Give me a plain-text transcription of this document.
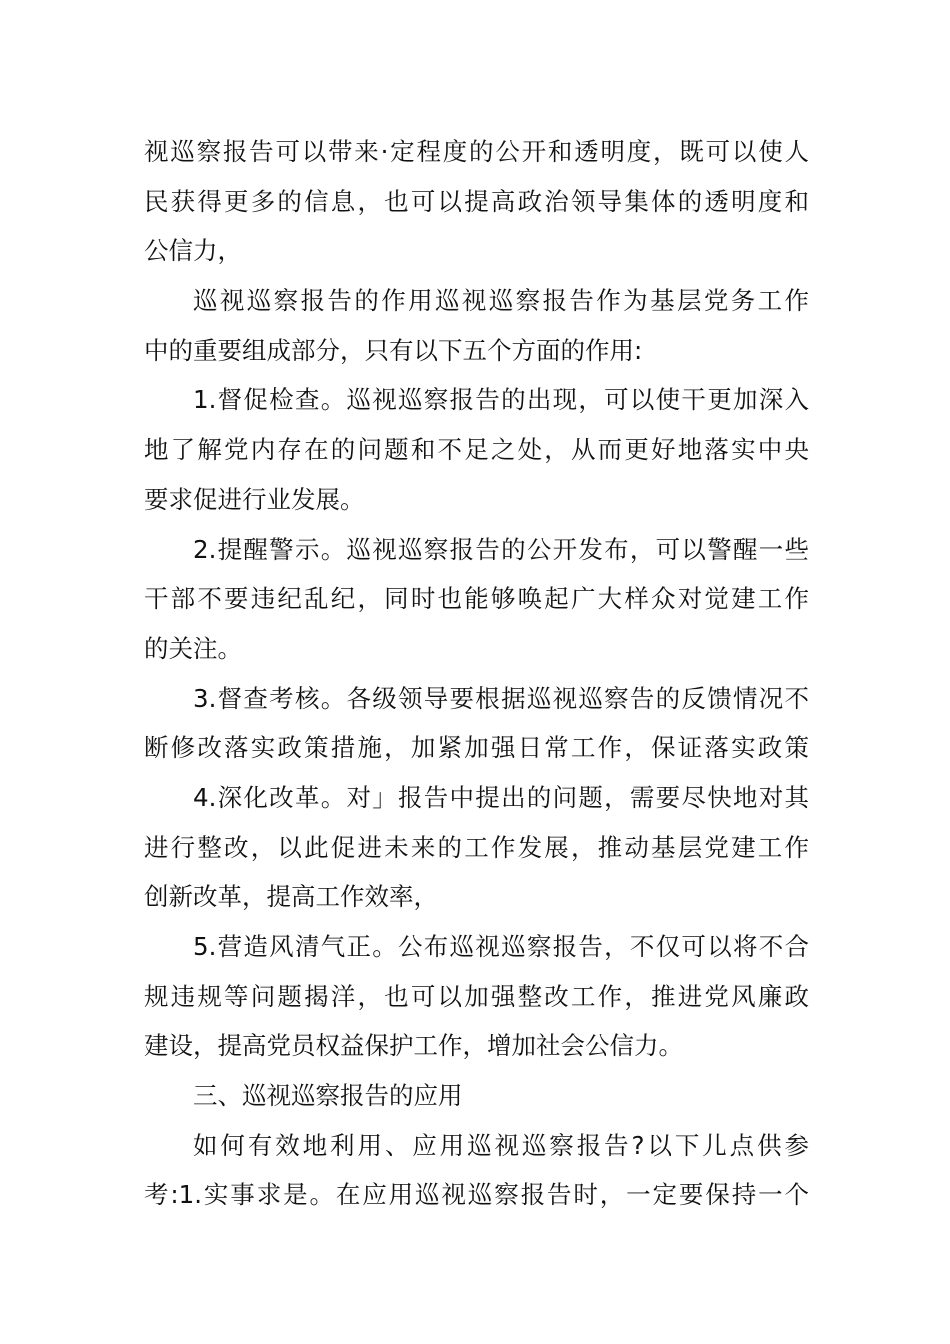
视巡察报告可以带来·定程度的公开和透明度，既可以使人
民获得更多的信息，也可以提高政治领导集体的透明度和
公信力，
巡视巡察报告的作用巡视巡察报告作为基层党务工作
中的重要组成部分，只有以下五个方面的作用:
1.督促检查。巡视巡察报告的出现，可以使干更加深入
地了解党内存在的问题和不足之处，从而更好地落实中央
要求促进行业发展。
2.提醒警示。巡视巡察报告的公开发布，可以警醒一些
干部不要违纪乱纪，同时也能够唤起广大样众对觉建工作
的关注。
3.督查考核。各级领导要根据巡视巡察告的反馈情况不
断修改落实政策措施，加紧加强日常工作，保证落实政策
4.深化改革。对」报告中提出的问题，需要尽快地对其
进行整改，以此促进未来的工作发展，推动基层党建工作
创新改革，提高工作效率，
5.营造风清气正。公布巡视巡察报告，不仅可以将不合
规违规等问题揭洋，也可以加强整改工作，推进党风廉政
建设，提高党员权益保护工作，增加社会公信力。
三、巡视巡察报告的应用
如何有效地利用、应用巡视巡察报告?以下儿点供参
考:1.实事求是。在应用巡视巡察报告时，一定要保持一个
